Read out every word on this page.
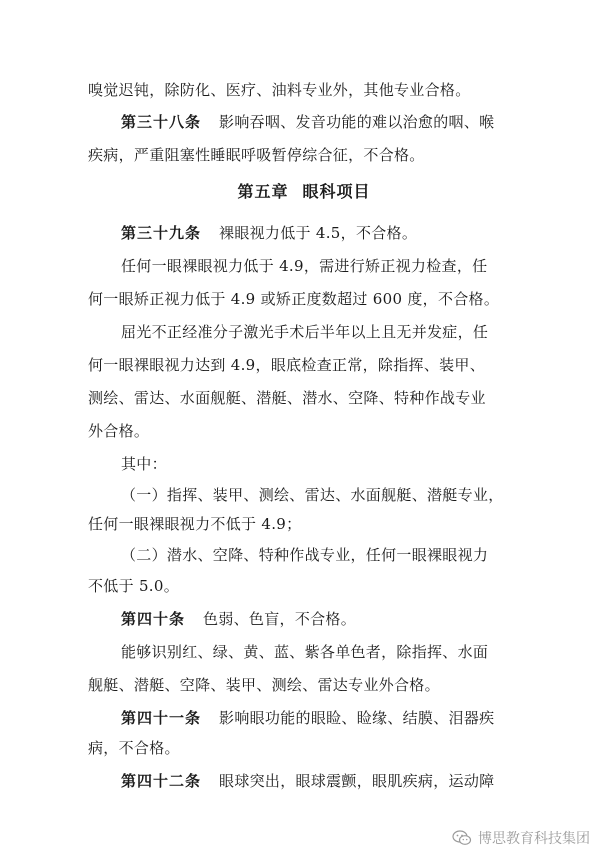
嗅觉迟钝，除防化、医疗、油料专业外，其他专业合格。
第三十八条 影响吞咽、发音功能的难以治愈的咽、喉
疾病，严重阻塞性睡眠呼吸暂停综合征，不合格。
第五章 眼科项目
第三十九条 裸眼视力低于 4.5，不合格。
任何一眼裸眼视力低于 4.9，需进行矫正视力检查，任
何一眼矫正视力低于 4.9 或矫正度数超过 600 度，不合格。
屈光不正经准分子激光手术后半年以上且无并发症，任
何一眼裸眼视力达到 4.9，眼底检查正常，除指挥、装甲、
测绘、雷达、水面舰艇、潜艇、潜水、空降、特种作战专业
外合格。
其中：
（一）指挥、装甲、测绘、雷达、水面舰艇、潜艇专业，
任何一眼裸眼视力不低于 4.9；
（二）潜水、空降、特种作战专业，任何一眼裸眼视力
不低于 5.0。
第四十条 色弱、色盲，不合格。
能够识别红、绿、黄、蓝、紫各单色者，除指挥、水面
舰艇、潜艇、空降、装甲、测绘、雷达专业外合格。
第四十一条 影响眼功能的眼睑、睑缘、结膜、泪器疾
病，不合格。
第四十二条 眼球突出，眼球震颤，眼肌疾病，运动障
博思教育科技集团
